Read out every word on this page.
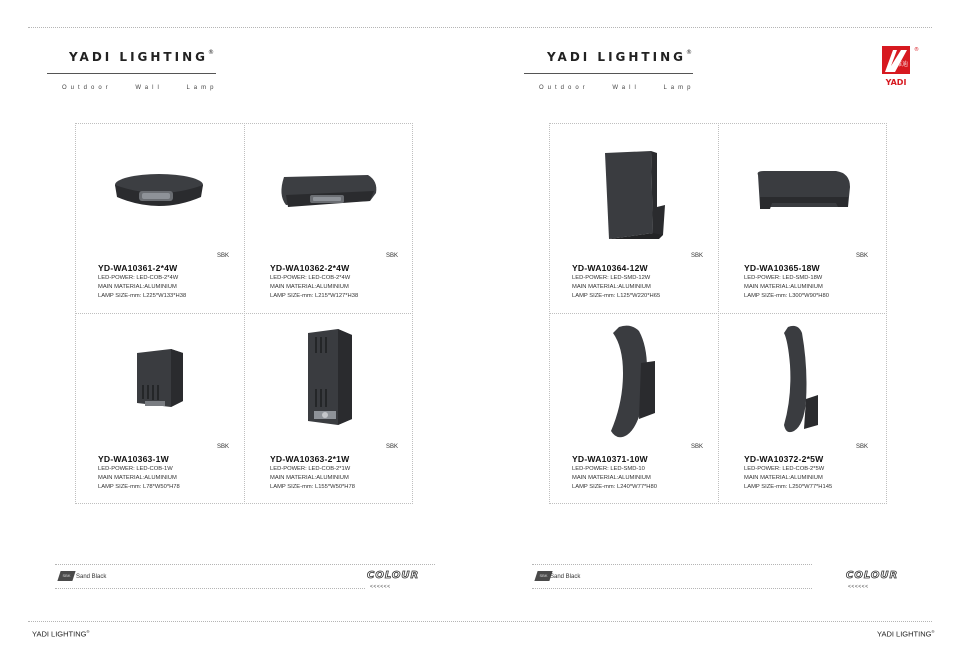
YADI LIGHTING®
Outdoor Wall Lamp
YADI LIGHTING®
Outdoor Wall Lamp
雅迪
®
YADI
SBK
YD-WA10361-2*4W
LED-POWER: LED-COB-2*4W
MAIN MATERIAL:ALUMINIUM
LAMP SIZE-mm: L225*W133*H38
SBK
YD-WA10362-2*4W
LED-POWER: LED-COB-2*4W
MAIN MATERIAL:ALUMINIUM
LAMP SIZE-mm: L215*W127*H38
SBK
YD-WA10363-1W
LED-POWER: LED-COB-1W
MAIN MATERIAL:ALUMINIUM
LAMP SIZE-mm: L78*W50*H78
SBK
YD-WA10363-2*1W
LED-POWER: LED-COB-2*1W
MAIN MATERIAL:ALUMINIUM
LAMP SIZE-mm: L155*W50*H78
SBK
YD-WA10364-12W
LED-POWER: LED-SMD-12W
MAIN MATERIAL:ALUMINIUM
LAMP SIZE-mm: L125*W220*H65
SBK
YD-WA10365-18W
LED-POWER: LED-SMD-18W
MAIN MATERIAL:ALUMINIUM
LAMP SIZE-mm: L300*W90*H80
SBK
YD-WA10371-10W
LED-POWER: LED-SMD-10
MAIN MATERIAL:ALUMINIUM
LAMP SIZE-mm: L240*W77*H80
SBK
YD-WA10372-2*5W
LED-POWER: LED-COB-2*5W
MAIN MATERIAL:ALUMINIUM
LAMP SIZE-mm: L250*W77*H145
SBK Sand Black	COLOUR
<<<<<<
SBK Sand Black	COLOUR
<<<<<<
YADI LIGHTING®	YADI LIGHTING®
